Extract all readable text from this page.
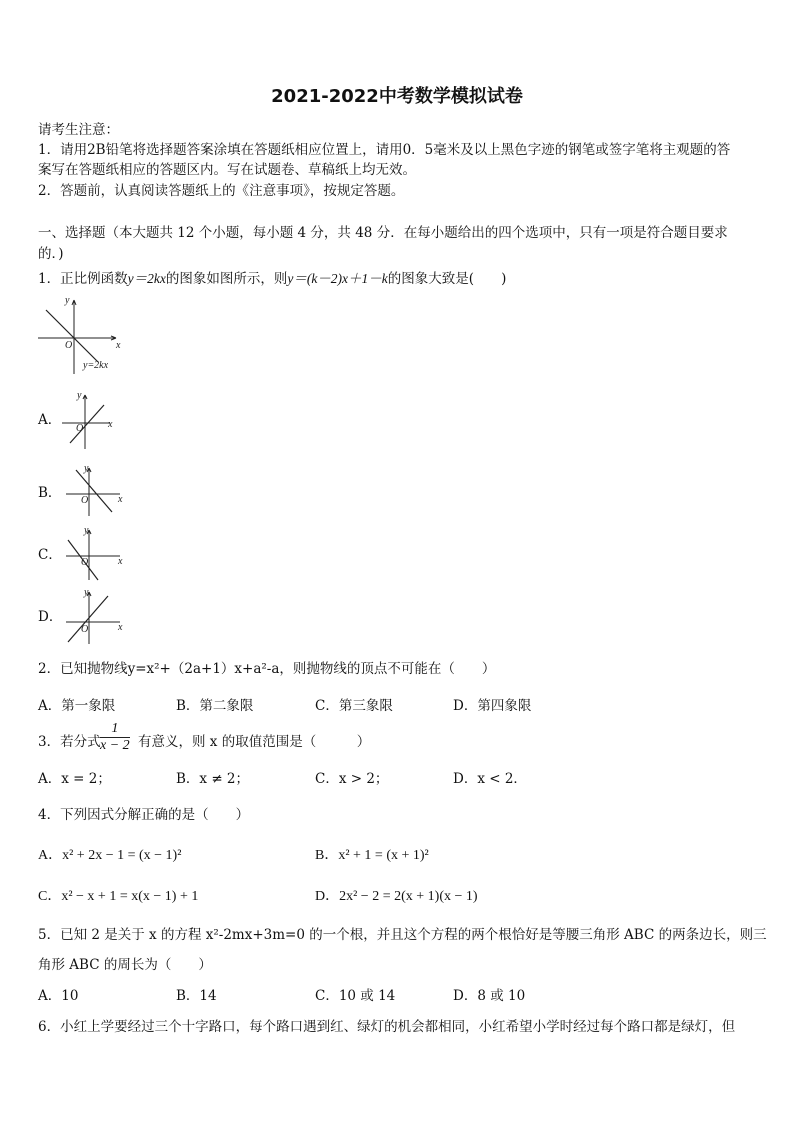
2021-2022中考数学模拟试卷
请考生注意：
1．请用2B铅笔将选择题答案涂填在答题纸相应位置上，请用0．5毫米及以上黑色字迹的钢笔或签字笔将主观题的答
案写在答题纸相应的答题区内。写在试题卷、草稿纸上均无效。
2．答题前，认真阅读答题纸上的《注意事项》，按规定答题。
一、选择题（本大题共 12 个小题，每小题 4 分，共 48 分．在每小题给出的四个选项中，只有一项是符合题目要求
的．)
1．正比例函数y＝2kx的图象如图所示，则y＝(k－2)x＋1－k的图象大致是(　　)
y
x
O
y=2kx
A．
y
x
O
B．
y
x
O
C．
y
x
O
D．
y
x
O
2．已知抛物线y=x²+（2a+1）x+a²-a，则抛物线的顶点不可能在（　　）
A．第一象限	B．第二象限	C．第三象限	D．第四象限
3．若分式 $\frac{1}{x - 2}$ 有意义，则 x 的取值范围是（　　　）
A．x = 2；	B．x ≠ 2；	C．x > 2；	D．x < 2．
4．下列因式分解正确的是（　　）
A．x² + 2x − 1 = (x − 1)²	B．x² + 1 = (x + 1)²
C．x² − x + 1 = x(x − 1) + 1	D．2x² − 2 = 2(x + 1)(x − 1)
5．已知 2 是关于 x 的方程 x²-2mx+3m=0 的一个根，并且这个方程的两个根恰好是等腰三角形 ABC 的两条边长，则三
角形 ABC 的周长为（　　）
A．10	B．14	C．10 或 14	D．8 或 10
6．小红上学要经过三个十字路口，每个路口遇到红、绿灯的机会都相同，小红希望小学时经过每个路口都是绿灯，但
